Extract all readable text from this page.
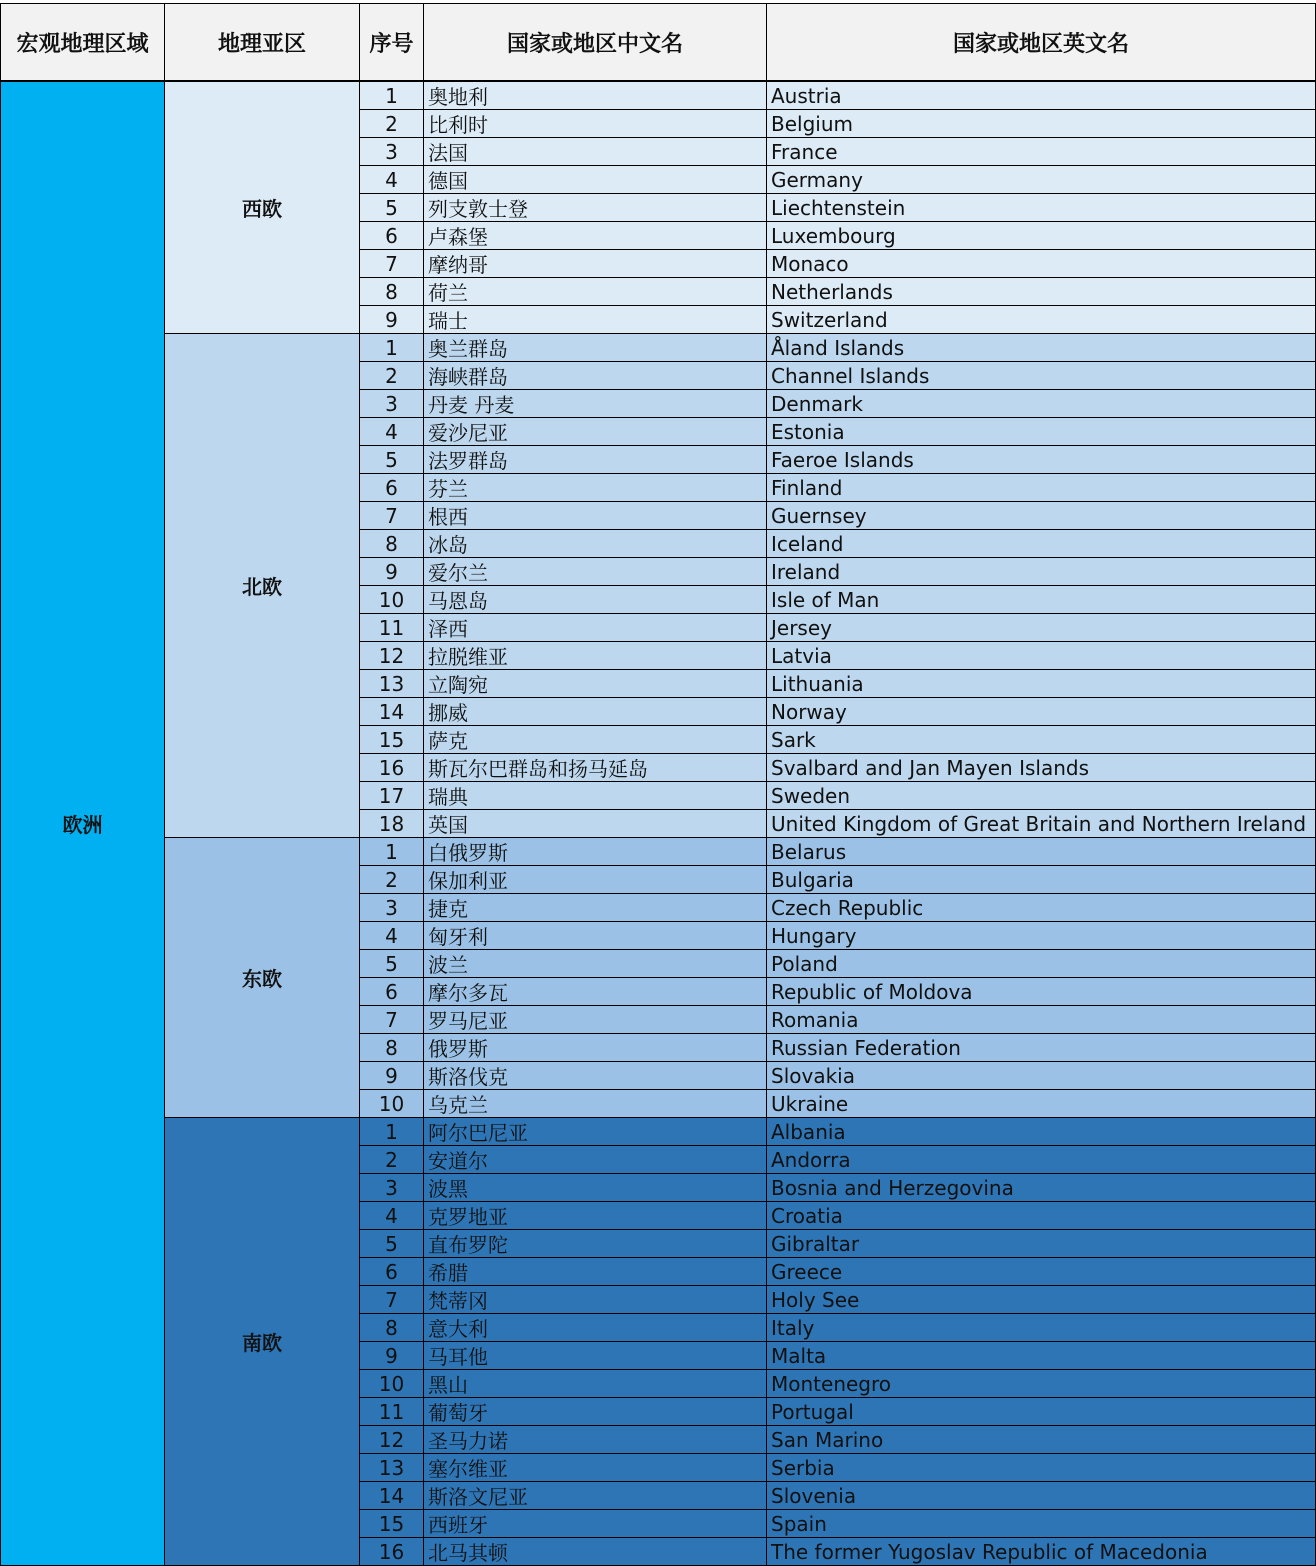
宏观地理区域	地理亚区	序号	国家或地区中文名	国家或地区英文名
欧洲
西欧
1	奥地利	Austria
2	比利时	Belgium
3	法国	France
4	德国	Germany
5	列支敦士登	Liechtenstein
6	卢森堡	Luxembourg
7	摩纳哥	Monaco
8	荷兰	Netherlands
9	瑞士	Switzerland
北欧
1	奥兰群岛	Åland Islands
2	海峡群岛	Channel Islands
3	丹麦 丹麦	Denmark
4	爱沙尼亚	Estonia
5	法罗群岛	Faeroe Islands
6	芬兰	Finland
7	根西	Guernsey
8	冰岛	Iceland
9	爱尔兰	Ireland
10	马恩岛	Isle of Man
11	泽西	Jersey
12	拉脱维亚	Latvia
13	立陶宛	Lithuania
14	挪威	Norway
15	萨克	Sark
16	斯瓦尔巴群岛和扬马延岛	Svalbard and Jan Mayen Islands
17	瑞典	Sweden
18	英国	United Kingdom of Great Britain and Northern Ireland
东欧
1	白俄罗斯	Belarus
2	保加利亚	Bulgaria
3	捷克	Czech Republic
4	匈牙利	Hungary
5	波兰	Poland
6	摩尔多瓦	Republic of Moldova
7	罗马尼亚	Romania
8	俄罗斯	Russian Federation
9	斯洛伐克	Slovakia
10	乌克兰	Ukraine
南欧
1	阿尔巴尼亚	Albania
2	安道尔	Andorra
3	波黑	Bosnia and Herzegovina
4	克罗地亚	Croatia
5	直布罗陀	Gibraltar
6	希腊	Greece
7	梵蒂冈	Holy See
8	意大利	Italy
9	马耳他	Malta
10	黑山	Montenegro
11	葡萄牙	Portugal
12	圣马力诺	San Marino
13	塞尔维亚	Serbia
14	斯洛文尼亚	Slovenia
15	西班牙	Spain
16	北马其顿	The former Yugoslav Republic of Macedonia
